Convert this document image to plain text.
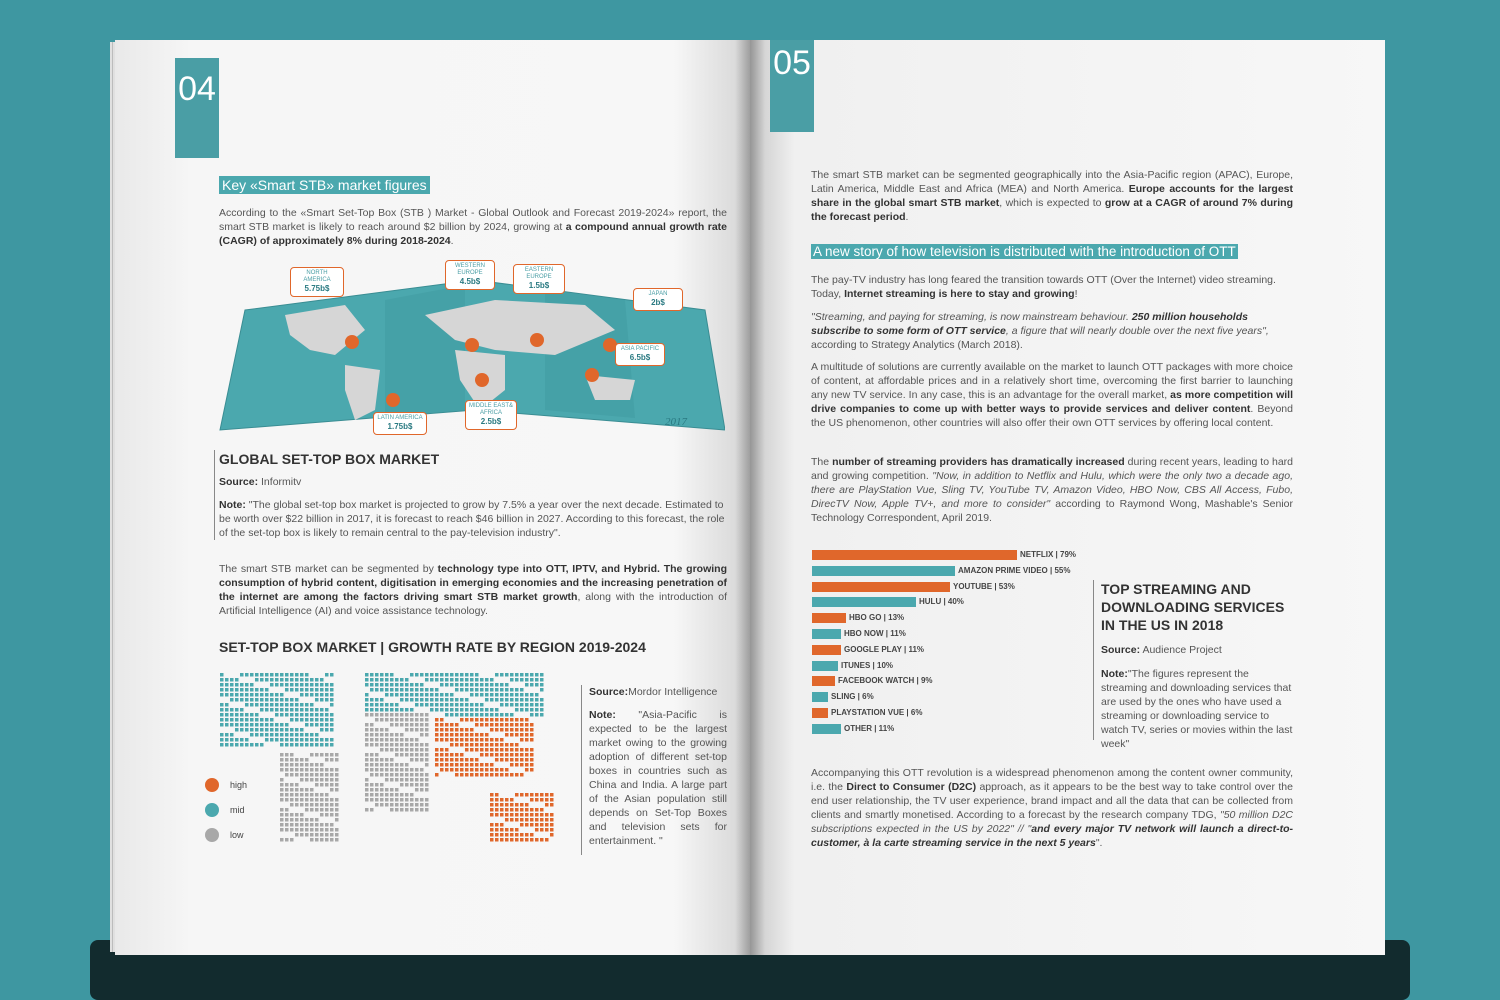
04
Key «Smart STB» market figures
According to the «Smart Set-Top Box (STB ) Market - Global Outlook and Forecast 2019-2024» report, the smart STB market is likely to reach around $2 billion by 2024, growing at a compound annual growth rate (CAGR) of approximately 8% during 2018-2024.
2017
NORTH AMERICA
5.75b$
WESTERN EUROPE
4.5b$
EASTERN EUROPE
1.5b$
JAPAN
2b$
ASIA PACIFIC
6.5b$
MIDDLE EAST& AFRICA
2.5b$
LATIN AMERICA
1.75b$
GLOBAL SET-TOP BOX MARKET
Source: Informitv
Note: "The global set-top box market is projected to grow by 7.5% a year over the next decade. Estimated to be worth over $22 billion in 2017, it is forecast to reach $46 billion in 2027. According to this forecast, the role of the set-top box is likely to remain central to the pay-television industry".
The smart STB market can be segmented by technology type into OTT, IPTV, and Hybrid. The growing consumption of hybrid content, digitisation in emerging economies and the increasing penetration of the internet are among the factors driving smart STB market growth, along with the introduction of Artificial Intelligence (AI) and voice assistance technology.
SET-TOP BOX MARKET | GROWTH RATE BY REGION 2019-2024
high
mid
low
Source:Mordor Intelligence
Note: "Asia-Pacific is expected to be the largest market owing to the growing adoption of different set-top boxes in countries such as China and India. A large part of the Asian population still depends on Set-Top Boxes and television sets for entertainment. "
05
The smart STB market can be segmented geographically into the Asia-Pacific region (APAC), Europe, Latin America, Middle East and Africa (MEA) and North America. Europe accounts for the largest share in the global smart STB market, which is expected to grow at a CAGR of around 7% during the forecast period.
A new story of how television is distributed with the introduction of OTT
The pay-TV industry has long feared the transition towards OTT (Over the Internet) video streaming. Today, Internet streaming is here to stay and growing!
"Streaming, and paying for streaming, is now mainstream behaviour. 250 million households subscribe to some form of OTT service, a figure that will nearly double over the next five years", according to Strategy Analytics (March 2018).
A multitude of solutions are currently available on the market to launch OTT packages with more choice of content, at affordable prices and in a relatively short time, overcoming the first barrier to launching any new TV service. In any case, this is an advantage for the overall market, as more competition will drive companies to come up with better ways to provide services and deliver content. Beyond the US phenomenon, other countries will also offer their own OTT services by offering local content.
The number of streaming providers has dramatically increased during recent years, leading to hard and growing competition. "Now, in addition to Netflix and Hulu, which were the only two a decade ago, there are PlayStation Vue, Sling TV, YouTube TV, Amazon Video, HBO Now, CBS All Access, Fubo, DirecTV Now, Apple TV+, and more to consider" according to Raymond Wong, Mashable's Senior Technology Correspondent, April 2019.
NETFLIX | 79%
AMAZON PRIME VIDEO | 55%
YOUTUBE | 53%
HULU | 40%
HBO GO | 13%
HBO NOW | 11%
GOOGLE PLAY | 11%
ITUNES | 10%
FACEBOOK WATCH | 9%
SLING | 6%
PLAYSTATION VUE | 6%
OTHER | 11%
TOP STREAMING AND DOWNLOADING SERVICES IN THE US IN 2018
Source: Audience Project
Note:"The figures represent the streaming and downloading services that are used by the ones who have used a streaming or downloading service to watch TV, series or movies within the last week"
Accompanying this OTT revolution is a widespread phenomenon among the content owner community, i.e. the Direct to Consumer (D2C) approach, as it appears to be the best way to take control over the end user relationship, the TV user experience, brand impact and all the data that can be collected from clients and smartly monetised. According to a forecast by the research company TDG, "50 million D2C subscriptions expected in the US by 2022" // "and every major TV network will launch a direct-to-customer, à la carte streaming service in the next 5 years".
